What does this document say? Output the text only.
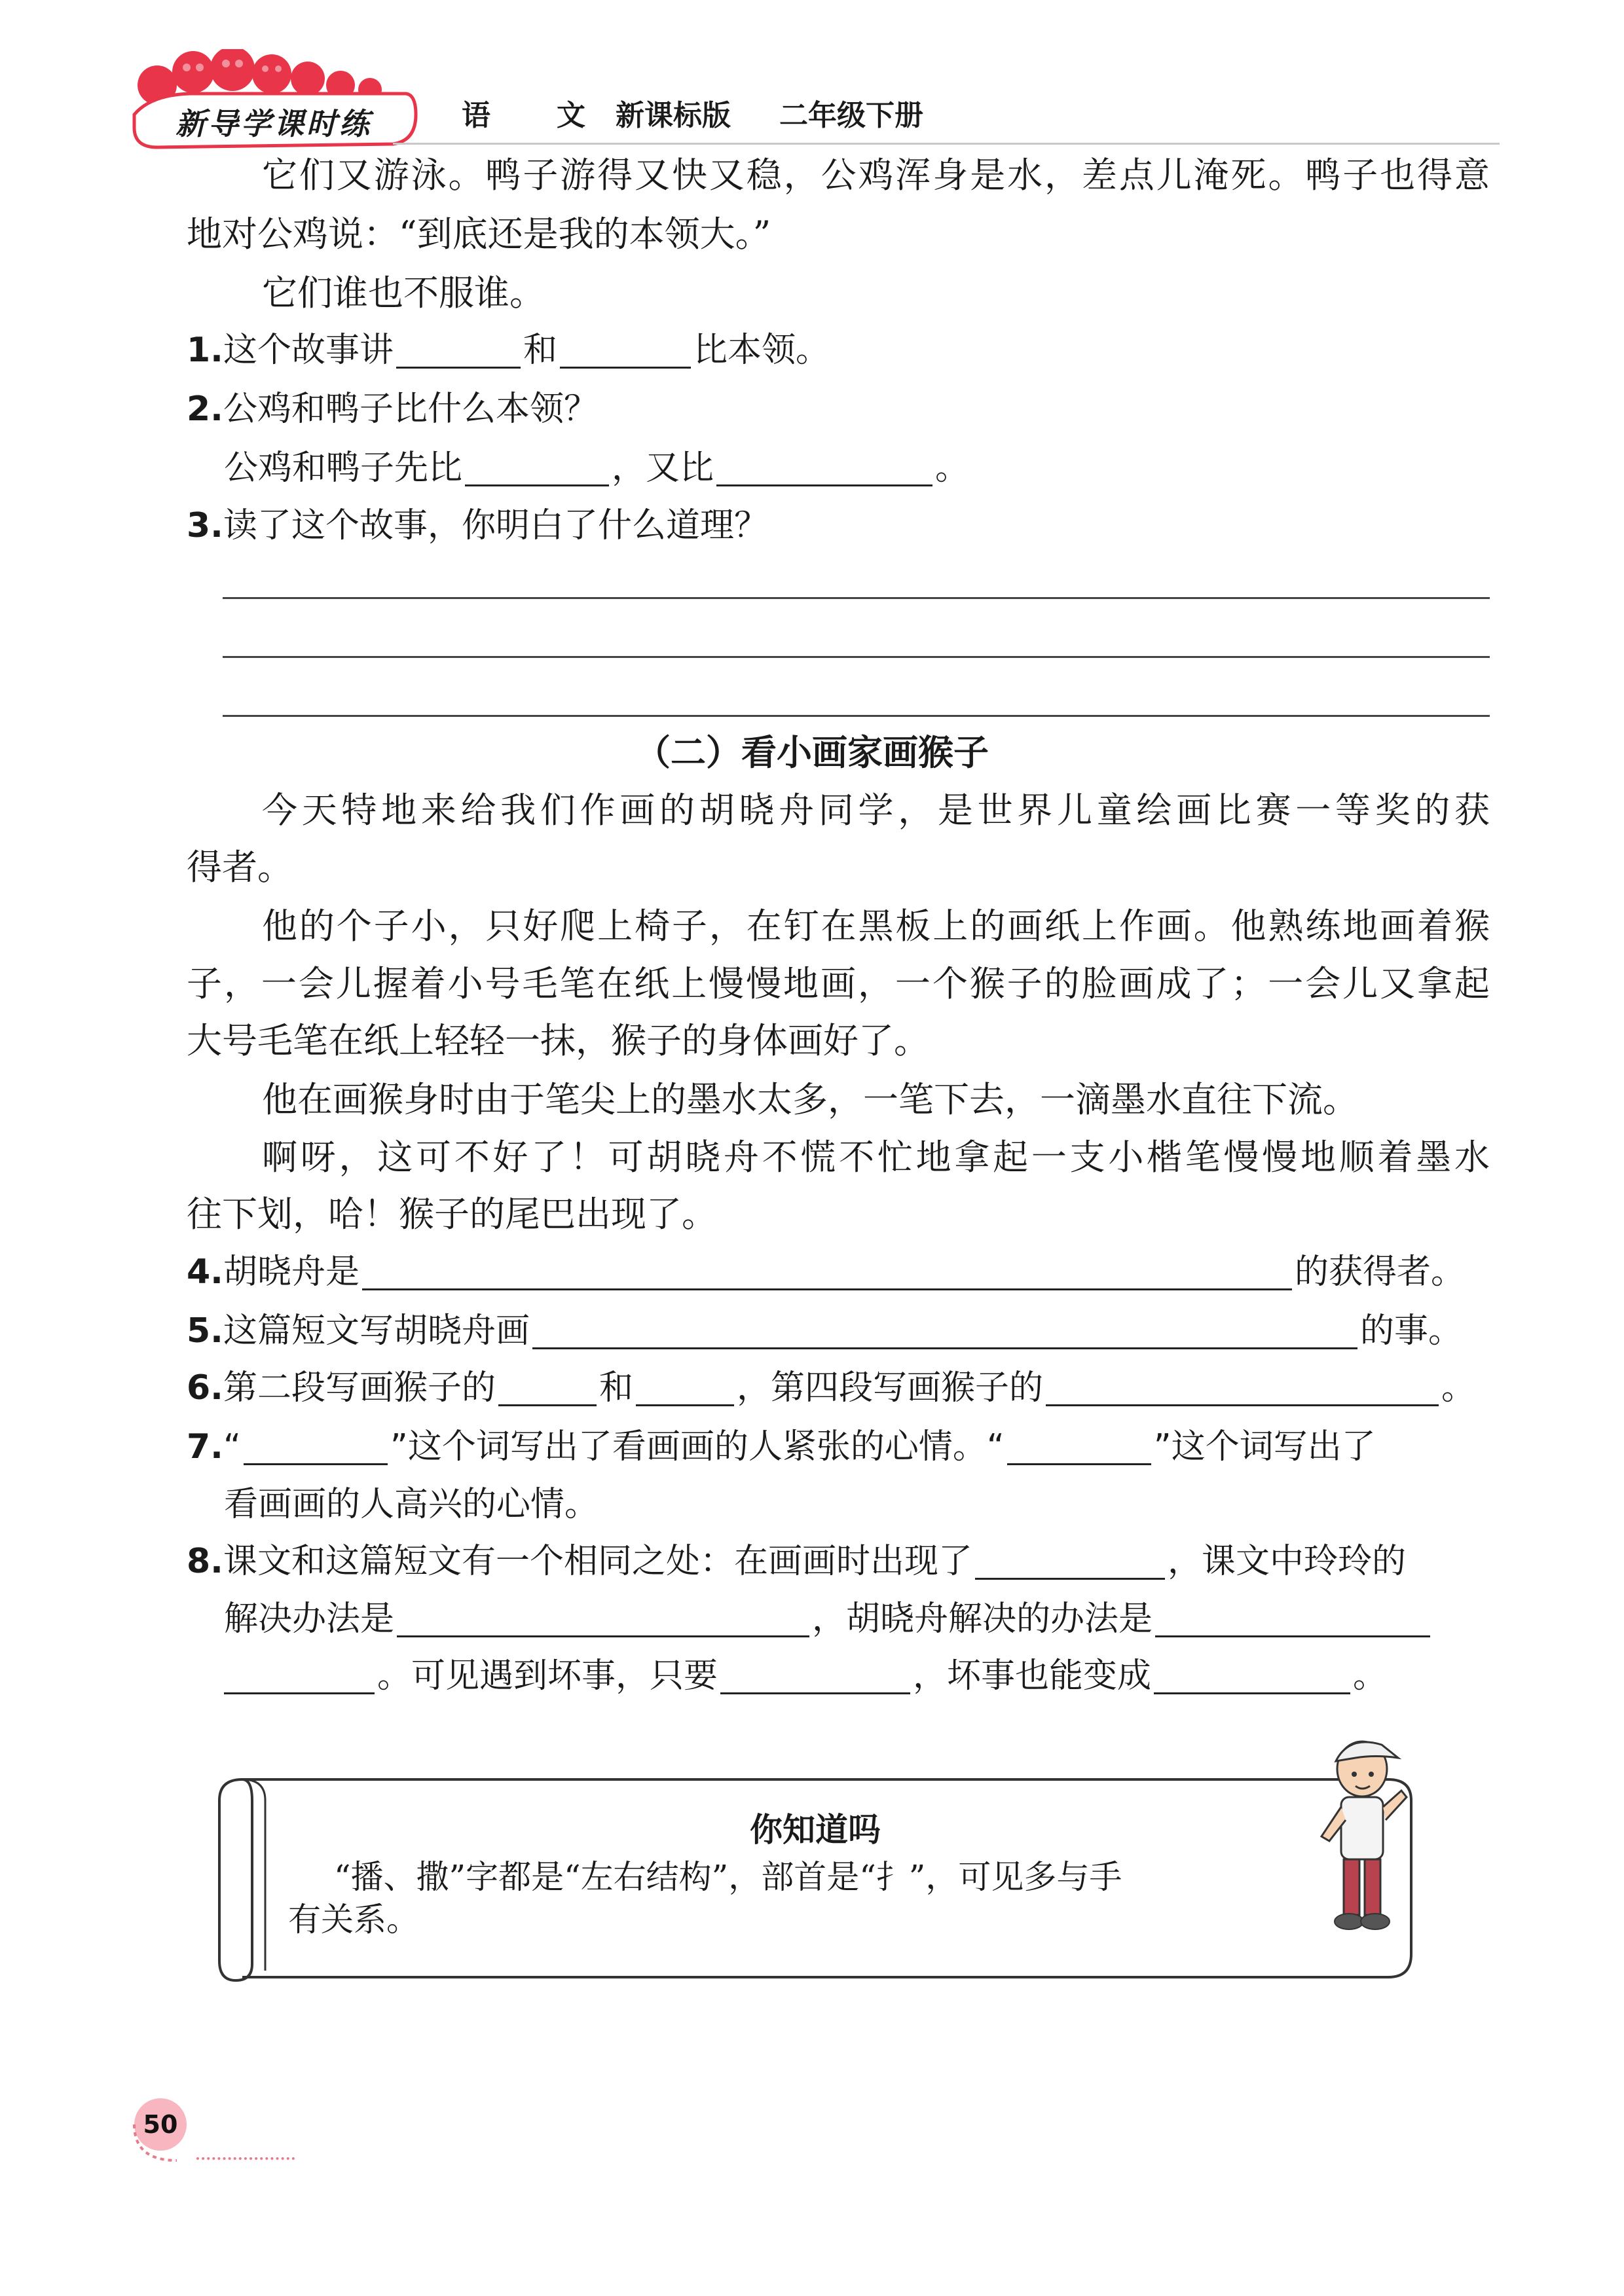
新导学课时练	语 文 新课标版 二年级下册
它们又游泳。鸭子游得又快又稳，公鸡浑身是水，差点儿淹死。鸭子也得意
地对公鸡说：“到底还是我的本领大。”
它们谁也不服谁。
1.这个故事讲	和	比本领。
2.公鸡和鸭子比什么本领？
公鸡和鸭子先比	，又比	。
3.读了这个故事，你明白了什么道理？
（二）看小画家画猴子
今天特地来给我们作画的胡晓舟同学，是世界儿童绘画比赛一等奖的获
得者。
他的个子小，只好爬上椅子，在钉在黑板上的画纸上作画。他熟练地画着猴
子，一会儿握着小号毛笔在纸上慢慢地画，一个猴子的脸画成了；一会儿又拿起
大号毛笔在纸上轻轻一抹，猴子的身体画好了。
他在画猴身时由于笔尖上的墨水太多，一笔下去，一滴墨水直往下流。
啊呀，这可不好了！可胡晓舟不慌不忙地拿起一支小楷笔慢慢地顺着墨水
往下划，哈！猴子的尾巴出现了。
4.胡晓舟是	的获得者。
5.这篇短文写胡晓舟画	的事。
6.第二段写画猴子的	和	，第四段写画猴子的	。
7.“	”这个词写出了看画画的人紧张的心情。“	”这个词写出了
看画画的人高兴的心情。
8.课文和这篇短文有一个相同之处：在画画时出现了	，课文中玲玲的
解决办法是	，胡晓舟解决的办法是
。可见遇到坏事，只要	，坏事也能变成	。
你知道吗
“播、撒”字都是“左右结构”，部首是“扌”，可见多与手
有关系。
50
